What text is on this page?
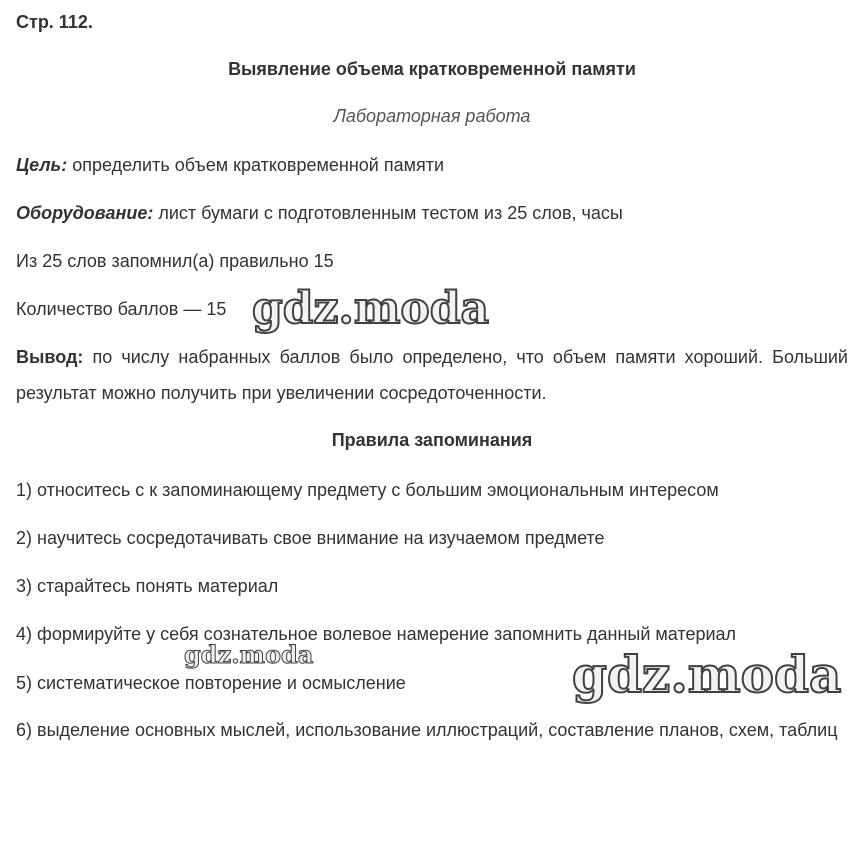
Стр. 112.
Выявление объема кратковременной памяти
Лабораторная работа
Цель: определить объем кратковременной памяти
Оборудование: лист бумаги с подготовленным тестом из 25 слов, часы
Из 25 слов запомнил(а) правильно 15
Количество баллов — 15
Вывод: по числу набранных баллов было определено, что объем памяти хороший. Больший результат можно получить при увеличении сосредоточенности.
Правила запоминания
1) относитесь с к запоминающему предмету с большим эмоциональным интересом
2) научитесь сосредотачивать свое внимание на изучаемом предмете
3) старайтесь понять материал
4) формируйте у себя сознательное волевое намерение запомнить данный материал
5) систематическое повторение и осмысление
6) выделение основных мыслей, использование иллюстраций, составление планов, схем, таблиц
gdz.moda
gdz.moda	gdz.moda
